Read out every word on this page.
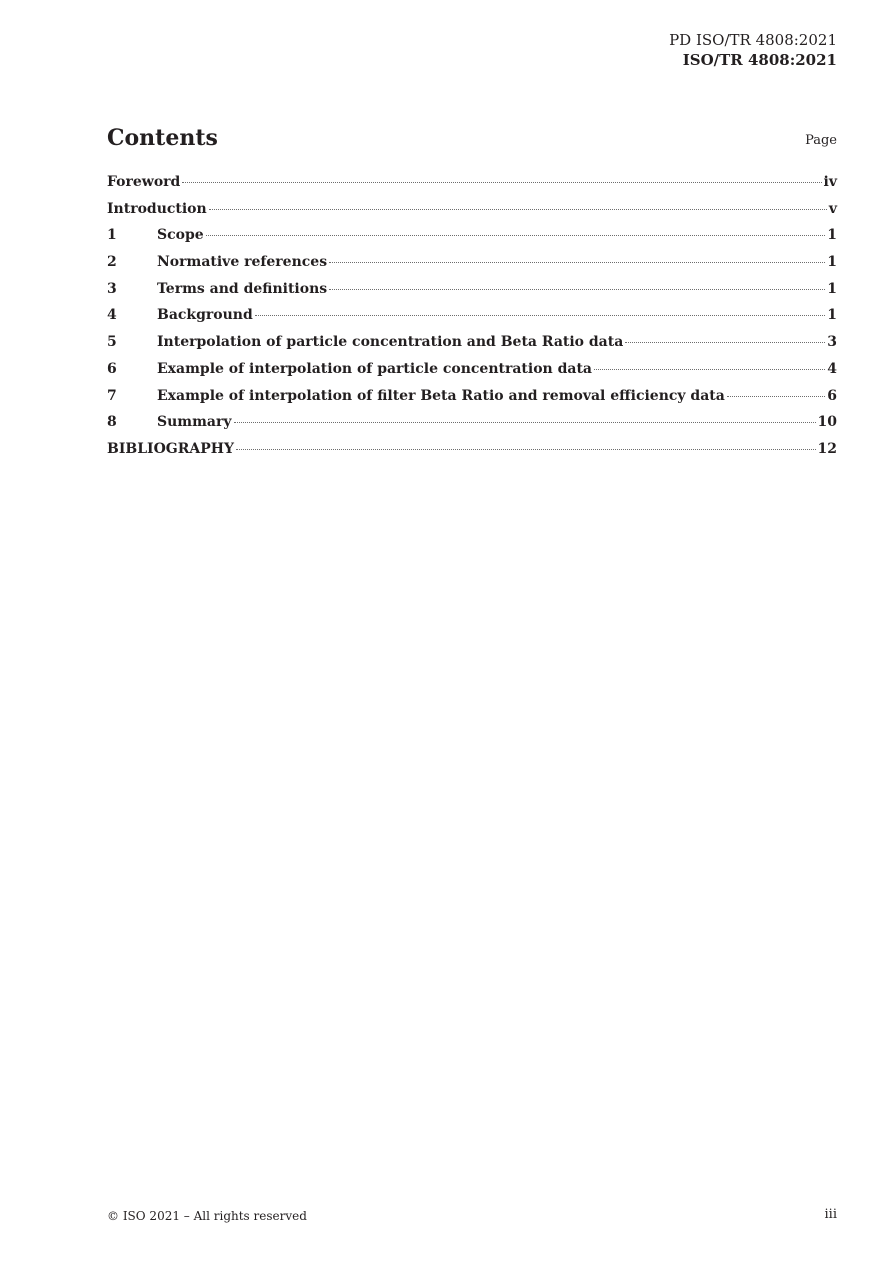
PD ISO/TR 4808:2021
ISO/TR 4808:2021
Contents	Page
Foreword	iv
Introduction	v
1	Scope	1
2	Normative references	1
3	Terms and definitions	1
4	Background	1
5	Interpolation of particle concentration and Beta Ratio data	3
6	Example of interpolation of particle concentration data	4
7	Example of interpolation of filter Beta Ratio and removal efficiency data	6
8	Summary	10
BIBLIOGRAPHY	12
© ISO 2021 – All rights reserved	iii
